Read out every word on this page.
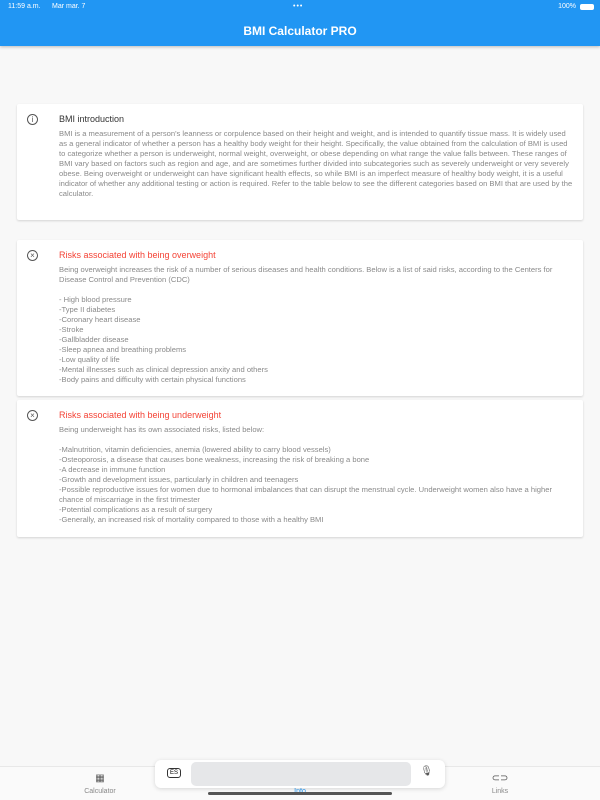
11:59 a.m. Mar mar. 7	•••	100%
BMI Calculator PRO
i	BMI introduction
BMI is a measurement of a person's leanness or corpulence based on their height and weight, and is intended to quantify tissue mass. It is widely used as a general indicator of whether a person has a healthy body weight for their height. Specifically, the value obtained from the calculation of BMI is used to categorize whether a person is underweight, normal weight, overweight, or obese depending on what range the value falls between. These ranges of BMI vary based on factors such as region and age, and are sometimes further divided into subcategories such as severely underweight or very severely obese. Being overweight or underweight can have significant health effects, so while BMI is an imperfect measure of healthy body weight, it is a useful indicator of whether any additional testing or action is required. Refer to the table below to see the different categories based on BMI that are used by the calculator.
×	Risks associated with being overweight
Being overweight increases the risk of a number of serious diseases and health conditions. Below is a list of said risks, according to the Centers for Disease Control and Prevention (CDC)

- High blood pressure
-Type II diabetes
-Coronary heart disease
-Stroke
-Gallbladder disease
-Sleep apnea and breathing problems
-Low quality of life
-Mental illnesses such as clinical depression anxity and others
-Body pains and difficulty with certain physical functions
×	Risks associated with being underweight
Being underweight has its own associated risks, listed below:

-Malnutrition, vitamin deficiencies, anemia (lowered ability to carry blood vessels)
-Osteoporosis, a disease that causes bone weakness, increasing the risk of breaking a bone
-A decrease in immune function
-Growth and development issues, particularly in children and teenagers
-Possible reproductive issues for women due to hormonal imbalances that can disrupt the menstrual cycle. Underweight women also have a higher chance of miscarriage in the first trimester
-Potential complications as a result of surgery
-Generally, an increased risk of mortality compared to those with a healthy BMI
▦
Calculator
⊂⊃
Links
ES	🎙
